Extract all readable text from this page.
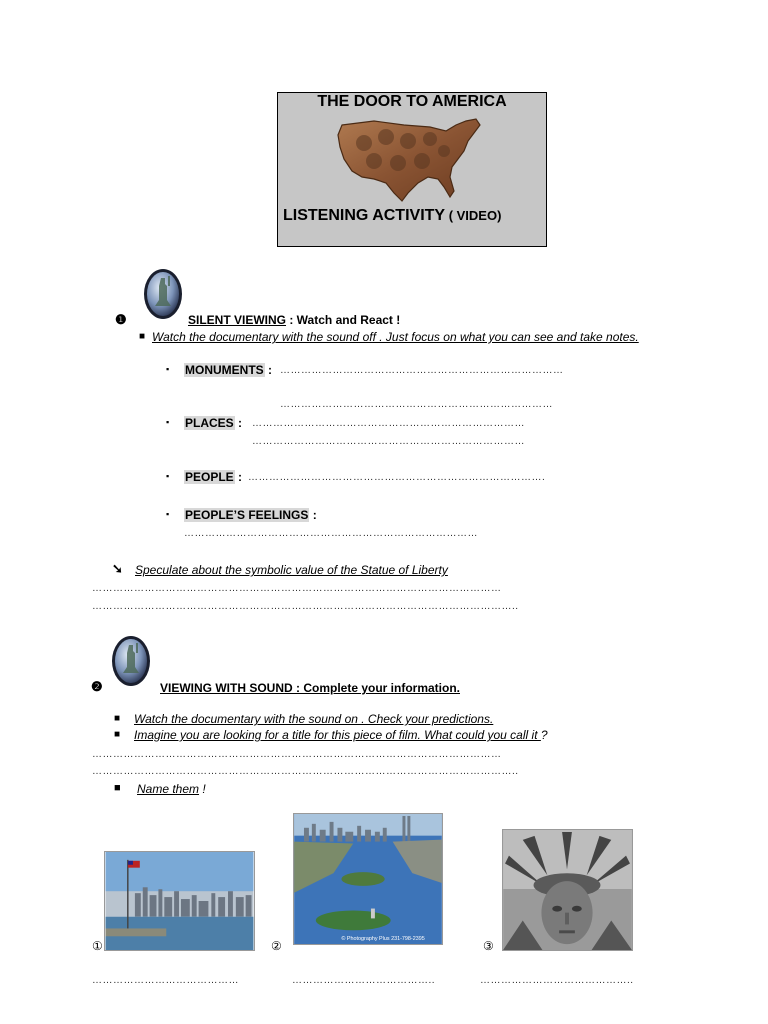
THE DOOR TO AMERICA
LISTENING ACTIVITY ( VIDEO)
❶	SILENT VIEWING : Watch and React !
■ Watch the documentary with the sound off . Just focus on what you can see and take notes.
▪ MONUMENTS : ………………………………………………………………………
……………………………………………………………………
▪ PLACES : ……………………………………………………………………
……………………………………………………………………
▪ PEOPLE : ………………………………………………………………………….
▪ PEOPLE’S FEELINGS :
…………………………………………………………………………
➘ Speculate about the symbolic value of the Statue of Liberty
………………………………………………………………………………………………………
…………………………………………………………………………………………………………..
❷	VIEWING WITH SOUND : Complete your information.
■ Watch the documentary with the sound on . Check your predictions.
■ Imagine you are looking for a title for this piece of film. What could you call it ?
………………………………………………………………………………………………………
…………………………………………………………………………………………………………..
■ Name them !
①	© Photography Plus 231-798-2395
②	③
……………………………………	…………………………………..	……………………………………..
